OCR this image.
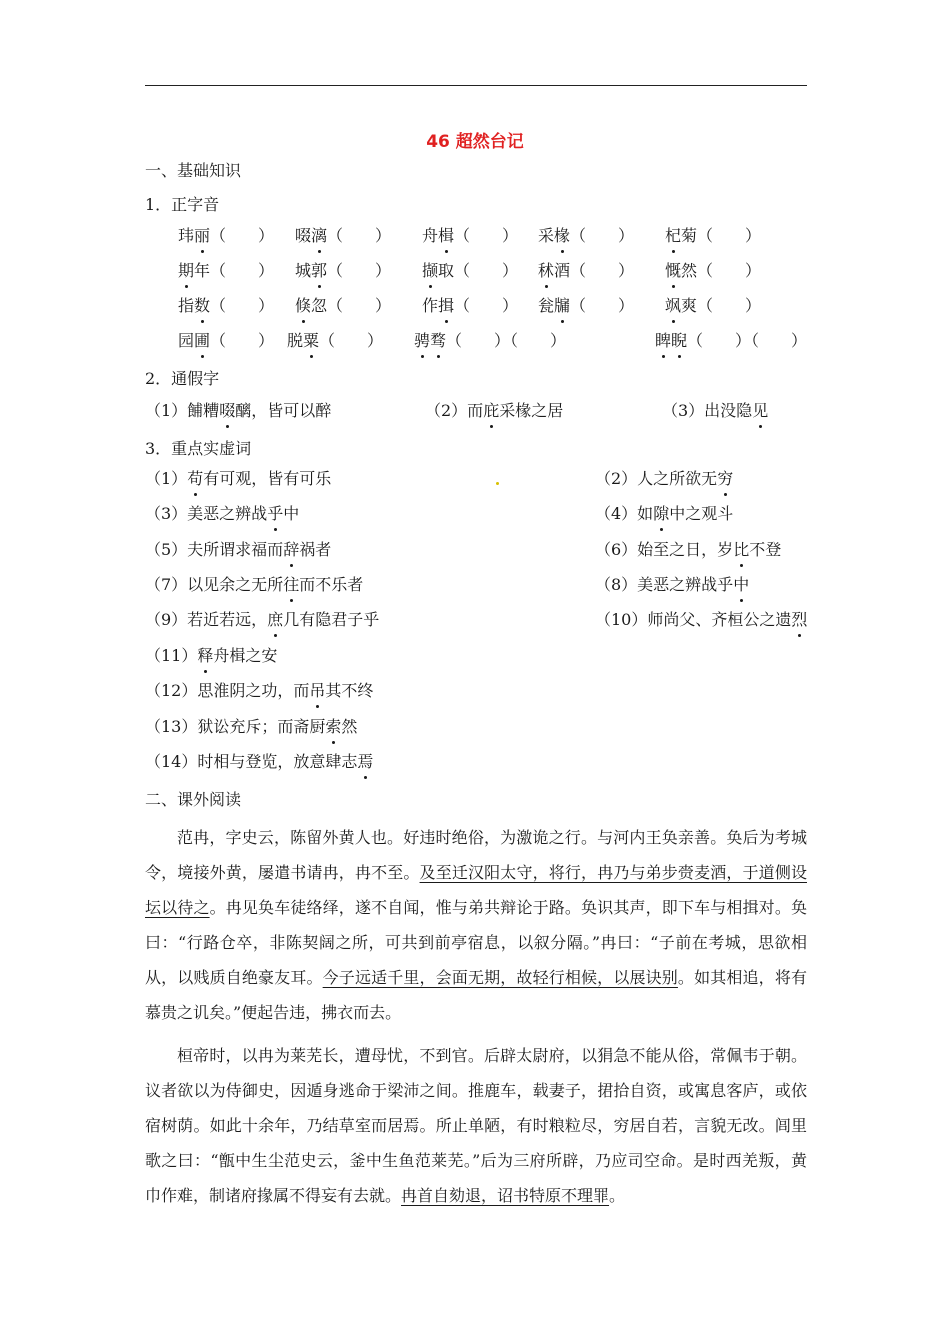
46 超然台记
一、基础知识
1．正字音
玮丽（　　） 啜漓（　　） 舟楫（　　） 采椽（　　） 杞菊（　　）
期年（　　） 城郭（　　） 撷取（　　） 秫酒（　　） 慨然（　　）
指数（　　） 倏忽（　　） 作揖（　　） 瓮牖（　　） 飒爽（　　）
园圃（　　） 脱粟（　　） 骋骛（　　）（　　）	睥睨（　　）（　　）
2．通假字
（1）餔糟啜醨，皆可以醉	（2）而庇采椽之居	（3）出没隐见
3．重点实虚词
（1）苟有可观，皆有可乐
（3）美恶之辨战乎中
（5）夫所谓求福而辞祸者
（7）以见余之无所往而不乐者
（9）若近若远，庶几有隐君子乎
（2）人之所欲无穷
（4）如隙中之观斗
（6）始至之日，岁比不登
（8）美恶之辨战乎中
（10）师尚父、齐桓公之遗烈
（11）释舟楫之安
（12）思淮阴之功，而吊其不终
（13）狱讼充斥；而斋厨索然
（14）时相与登览，放意肆志焉
二、课外阅读
范冉，字史云，陈留外黄人也。好违时绝俗，为激诡之行。与河内王奂亲善。奂后为考城令，境接外黄，屡遣书请冉，冉不至。及至迁汉阳太守，将行，冉乃与弟步赍麦酒，于道侧设坛以待之。冉见奂车徒络绎，遂不自闻，惟与弟共辩论于路。奂识其声，即下车与相揖对。奂曰：“行路仓卒，非陈契阔之所，可共到前亭宿息，以叙分隔。”冉曰：“子前在考城，思欲相从，以贱质自绝豪友耳。今子远适千里，会面无期，故轻行相候，以展诀别。如其相追，将有慕贵之讥矣。”便起告违，拂衣而去。
桓帝时，以冉为莱芜长，遭母忧，不到官。后辟太尉府，以狷急不能从俗，常佩韦于朝。议者欲以为侍御史，因遁身逃命于梁沛之间。推鹿车，载妻子，捃拾自资，或寓息客庐，或依宿树荫。如此十余年，乃结草室而居焉。所止单陋，有时粮粒尽，穷居自若，言貌无改。闾里歌之曰：“甑中生尘范史云，釜中生鱼范莱芜。”后为三府所辟，乃应司空命。是时西羌叛，黄巾作难，制诸府掾属不得妄有去就。冉首自劾退，诏书特原不理罪。
